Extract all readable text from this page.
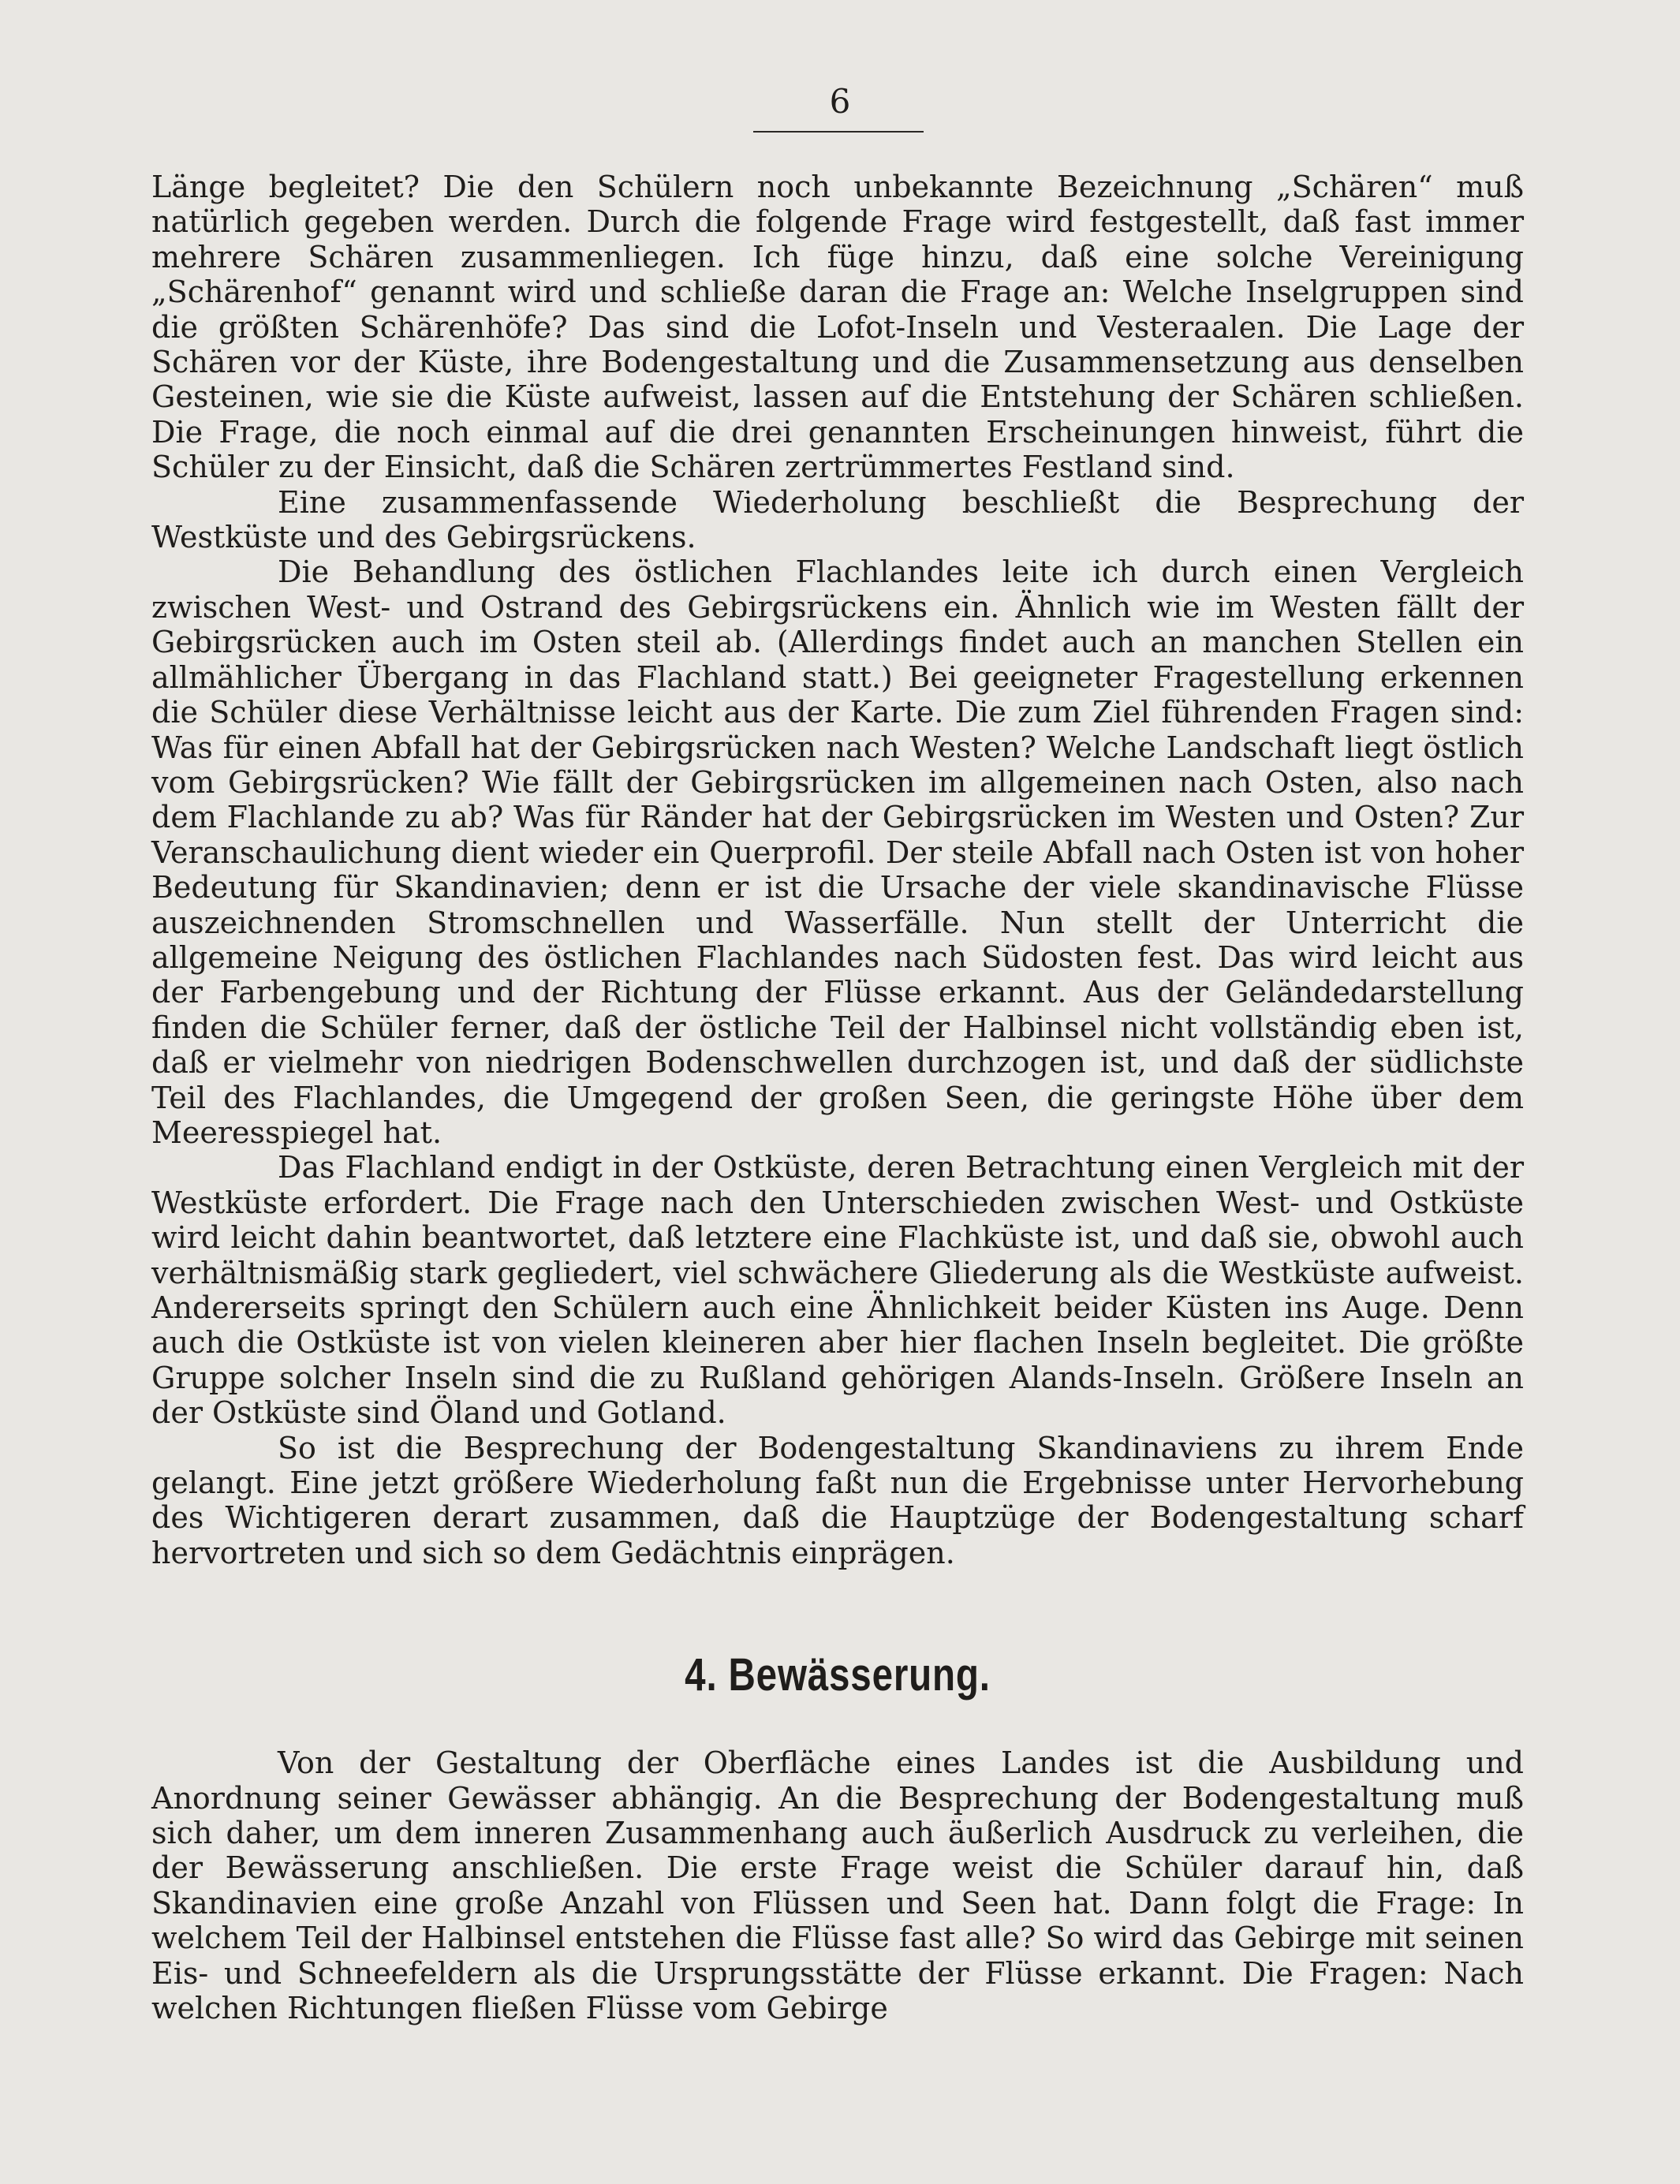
6

Länge begleitet? Die den Schülern noch unbekannte Bezeichnung „Schären“ muß natürlich gegeben werden. Durch die folgende Frage wird festgestellt, daß fast immer mehrere Schären zusammenliegen. Ich füge hinzu, daß eine solche Vereinigung „Schärenhof“ genannt wird und schließe daran die Frage an: Welche Inselgruppen sind die größten Schärenhöfe? Das sind die Lofot-Inseln und Vesteraalen. Die Lage der Schären vor der Küste, ihre Bodengestaltung und die Zusammensetzung aus denselben Gesteinen, wie sie die Küste aufweist, lassen auf die Entstehung der Schären schließen. Die Frage, die noch einmal auf die drei genannten Erscheinungen hinweist, führt die Schüler zu der Einsicht, daß die Schären zertrümmertes Festland sind.

Eine zusammenfassende Wiederholung beschließt die Besprechung der Westküste und des Gebirgsrückens.

Die Behandlung des östlichen Flachlandes leite ich durch einen Vergleich zwischen West- und Ostrand des Gebirgsrückens ein. Ähnlich wie im Westen fällt der Gebirgsrücken auch im Osten steil ab. (Allerdings findet auch an manchen Stellen ein allmählicher Übergang in das Flachland statt.) Bei geeigneter Fragestellung erkennen die Schüler diese Verhältnisse leicht aus der Karte. Die zum Ziel führenden Fragen sind: Was für einen Abfall hat der Gebirgsrücken nach Westen? Welche Landschaft liegt östlich vom Gebirgsrücken? Wie fällt der Gebirgsrücken im allgemeinen nach Osten, also nach dem Flachlande zu ab? Was für Ränder hat der Gebirgsrücken im Westen und Osten? Zur Veranschaulichung dient wieder ein Querprofil. Der steile Abfall nach Osten ist von hoher Bedeutung für Skandinavien; denn er ist die Ursache der viele skandinavische Flüsse auszeichnenden Stromschnellen und Wasserfälle. Nun stellt der Unterricht die allgemeine Neigung des östlichen Flachlandes nach Südosten fest. Das wird leicht aus der Farbengebung und der Richtung der Flüsse erkannt. Aus der Geländedarstellung finden die Schüler ferner, daß der östliche Teil der Halbinsel nicht vollständig eben ist, daß er vielmehr von niedrigen Bodenschwellen durchzogen ist, und daß der südlichste Teil des Flachlandes, die Umgegend der großen Seen, die geringste Höhe über dem Meeresspiegel hat.

Das Flachland endigt in der Ostküste, deren Betrachtung einen Vergleich mit der Westküste erfordert. Die Frage nach den Unterschieden zwischen West- und Ostküste wird leicht dahin beantwortet, daß letztere eine Flachküste ist, und daß sie, obwohl auch verhältnismäßig stark gegliedert, viel schwächere Gliederung als die Westküste aufweist. Andererseits springt den Schülern auch eine Ähnlichkeit beider Küsten ins Auge. Denn auch die Ostküste ist von vielen kleineren aber hier flachen Inseln begleitet. Die größte Gruppe solcher Inseln sind die zu Rußland gehörigen Alands-Inseln. Größere Inseln an der Ostküste sind Öland und Gotland.

So ist die Besprechung der Bodengestaltung Skandinaviens zu ihrem Ende gelangt. Eine jetzt größere Wiederholung faßt nun die Ergebnisse unter Hervorhebung des Wichtigeren derart zusammen, daß die Hauptzüge der Bodengestaltung scharf hervortreten und sich so dem Gedächtnis einprägen.

4. Bewässerung.

Von der Gestaltung der Oberfläche eines Landes ist die Ausbildung und Anordnung seiner Gewässer abhängig. An die Besprechung der Bodengestaltung muß sich daher, um dem inneren Zusammenhang auch äußerlich Ausdruck zu verleihen, die der Bewässerung anschließen. Die erste Frage weist die Schüler darauf hin, daß Skandinavien eine große Anzahl von Flüssen und Seen hat. Dann folgt die Frage: In welchem Teil der Halbinsel entstehen die Flüsse fast alle? So wird das Gebirge mit seinen Eis- und Schneefeldern als die Ursprungsstätte der Flüsse erkannt. Die Fragen: Nach welchen Richtungen fließen Flüsse vom Gebirge
